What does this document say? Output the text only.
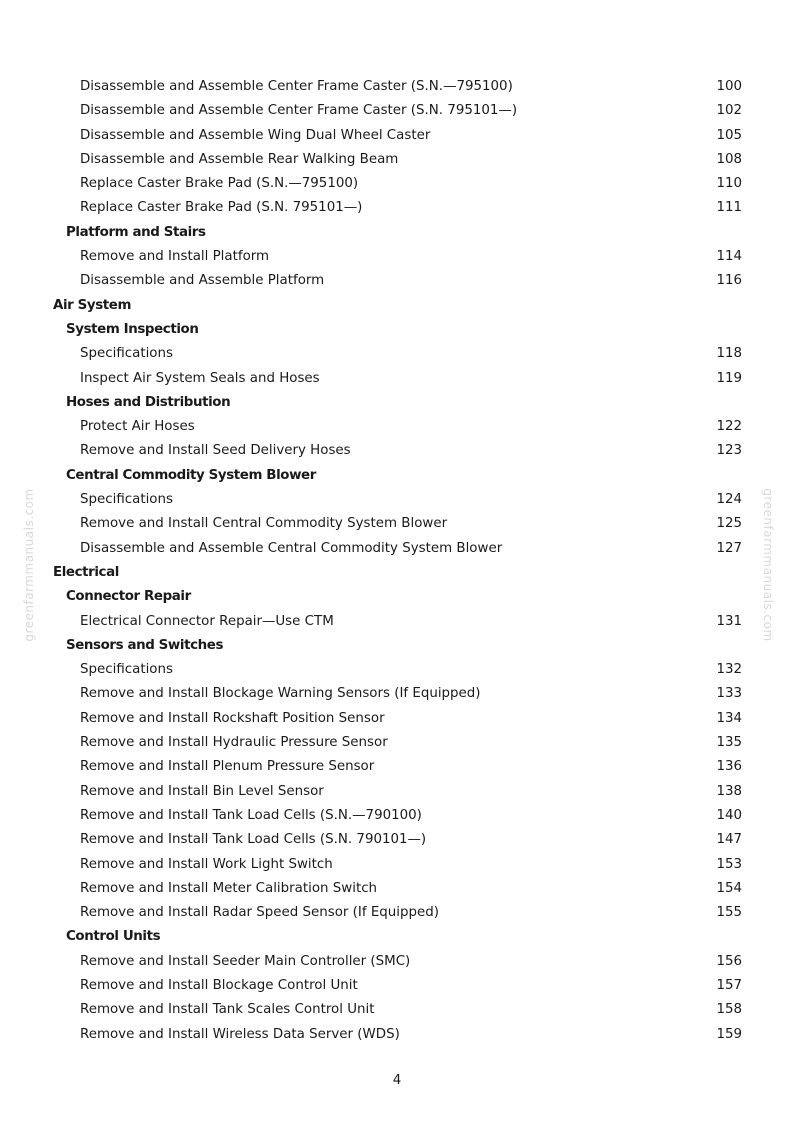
greenfarmmanuals.com	greenfarmmanuals.com
Disassemble and Assemble Center Frame Caster (S.N.—795100)	100
Disassemble and Assemble Center Frame Caster (S.N. 795101—)	102
Disassemble and Assemble Wing Dual Wheel Caster	105
Disassemble and Assemble Rear Walking Beam	108
Replace Caster Brake Pad (S.N.—795100)	110
Replace Caster Brake Pad (S.N. 795101—)	111
Platform and Stairs
Remove and Install Platform	114
Disassemble and Assemble Platform	116
Air System
System Inspection
Specifications	118
Inspect Air System Seals and Hoses	119
Hoses and Distribution
Protect Air Hoses	122
Remove and Install Seed Delivery Hoses	123
Central Commodity System Blower
Specifications	124
Remove and Install Central Commodity System Blower	125
Disassemble and Assemble Central Commodity System Blower	127
Electrical
Connector Repair
Electrical Connector Repair—Use CTM	131
Sensors and Switches
Specifications	132
Remove and Install Blockage Warning Sensors (If Equipped)	133
Remove and Install Rockshaft Position Sensor	134
Remove and Install Hydraulic Pressure Sensor	135
Remove and Install Plenum Pressure Sensor	136
Remove and Install Bin Level Sensor	138
Remove and Install Tank Load Cells (S.N.—790100)	140
Remove and Install Tank Load Cells (S.N. 790101—)	147
Remove and Install Work Light Switch	153
Remove and Install Meter Calibration Switch	154
Remove and Install Radar Speed Sensor (If Equipped)	155
Control Units
Remove and Install Seeder Main Controller (SMC)	156
Remove and Install Blockage Control Unit	157
Remove and Install Tank Scales Control Unit	158
Remove and Install Wireless Data Server (WDS)	159
4
